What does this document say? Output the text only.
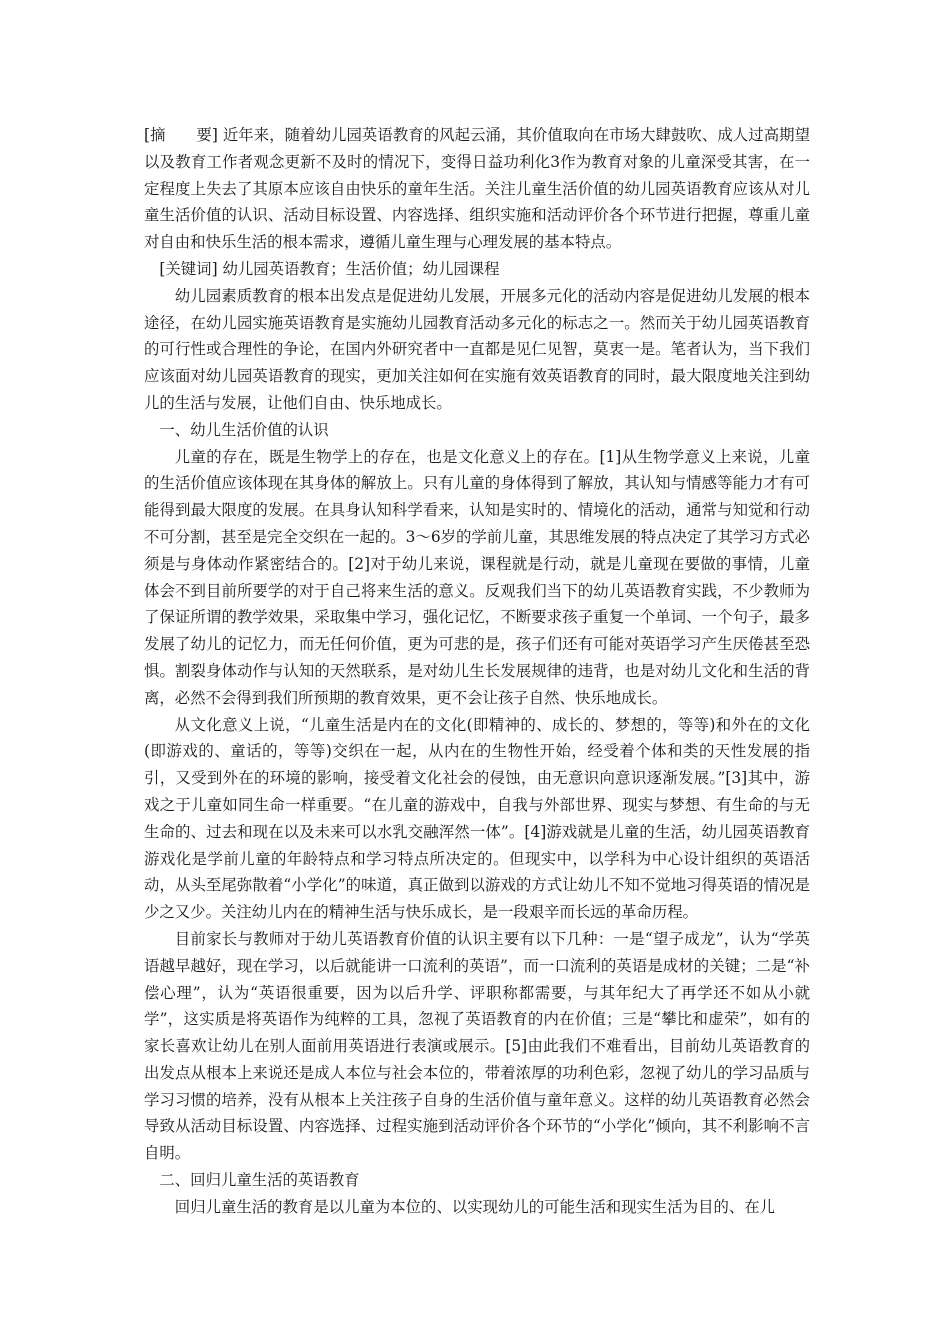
[摘　　要] 近年来，随着幼儿园英语教育的风起云涌，其价值取向在市场大肆鼓吹、成人过高期望以及教育工作者观念更新不及时的情况下，变得日益功利化3作为教育对象的儿童深受其害，在一定程度上失去了其原本应该自由快乐的童年生活。关注儿童生活价值的幼儿园英语教育应该从对儿童生活价值的认识、活动目标设置、内容选择、组织实施和活动评价各个环节进行把握，尊重儿童对自由和快乐生活的根本需求，遵循儿童生理与心理发展的基本特点。

[关键词] 幼儿园英语教育；生活价值；幼儿园课程

幼儿园素质教育的根本出发点是促进幼儿发展，开展多元化的活动内容是促进幼儿发展的根本途径，在幼儿园实施英语教育是实施幼儿园教育活动多元化的标志之一。然而关于幼儿园英语教育的可行性或合理性的争论，在国内外研究者中一直都是见仁见智，莫衷一是。笔者认为，当下我们应该面对幼儿园英语教育的现实，更加关注如何在实施有效英语教育的同时，最大限度地关注到幼儿的生活与发展，让他们自由、快乐地成长。

一、幼儿生活价值的认识

儿童的存在，既是生物学上的存在，也是文化意义上的存在。[1]从生物学意义上来说，儿童的生活价值应该体现在其身体的解放上。只有儿童的身体得到了解放，其认知与情感等能力才有可能得到最大限度的发展。在具身认知科学看来，认知是实时的、情境化的活动，通常与知觉和行动不可分割，甚至是完全交织在一起的。3～6岁的学前儿童，其思维发展的特点决定了其学习方式必须是与身体动作紧密结合的。[2]对于幼儿来说，课程就是行动，就是儿童现在要做的事情，儿童体会不到目前所要学的对于自己将来生活的意义。反观我们当下的幼儿英语教育实践，不少教师为了保证所谓的教学效果，采取集中学习，强化记忆，不断要求孩子重复一个单词、一个句子，最多发展了幼儿的记忆力，而无任何价值，更为可悲的是，孩子们还有可能对英语学习产生厌倦甚至恐惧。割裂身体动作与认知的天然联系，是对幼儿生长发展规律的违背，也是对幼儿文化和生活的背离，必然不会得到我们所预期的教育效果，更不会让孩子自然、快乐地成长。

从文化意义上说，“儿童生活是内在的文化(即精神的、成长的、梦想的，等等)和外在的文化(即游戏的、童话的，等等)交织在一起，从内在的生物性开始，经受着个体和类的天性发展的指引，又受到外在的环境的影响，接受着文化社会的侵蚀，由无意识向意识逐渐发展。”[3]其中，游戏之于儿童如同生命一样重要。“在儿童的游戏中，自我与外部世界、现实与梦想、有生命的与无生命的、过去和现在以及未来可以水乳交融浑然一体”。[4]游戏就是儿童的生活，幼儿园英语教育游戏化是学前儿童的年龄特点和学习特点所决定的。但现实中，以学科为中心设计组织的英语活动，从头至尾弥散着“小学化”的味道，真正做到以游戏的方式让幼儿不知不觉地习得英语的情况是少之又少。关注幼儿内在的精神生活与快乐成长，是一段艰辛而长远的革命历程。

目前家长与教师对于幼儿英语教育价值的认识主要有以下几种：一是“望子成龙”，认为“学英语越早越好，现在学习，以后就能讲一口流利的英语”，而一口流利的英语是成材的关键；二是“补偿心理”，认为“英语很重要，因为以后升学、评职称都需要，与其年纪大了再学还不如从小就学”，这实质是将英语作为纯粹的工具，忽视了英语教育的内在价值；三是“攀比和虚荣”，如有的家长喜欢让幼儿在别人面前用英语进行表演或展示。[5]由此我们不难看出，目前幼儿英语教育的出发点从根本上来说还是成人本位与社会本位的，带着浓厚的功利色彩，忽视了幼儿的学习品质与学习习惯的培养，没有从根本上关注孩子自身的生活价值与童年意义。这样的幼儿英语教育必然会导致从活动目标设置、内容选择、过程实施到活动评价各个环节的“小学化”倾向，其不利影响不言自明。

二、回归儿童生活的英语教育

回归儿童生活的教育是以儿童为本位的、以实现幼儿的可能生活和现实生活为目的、在儿
